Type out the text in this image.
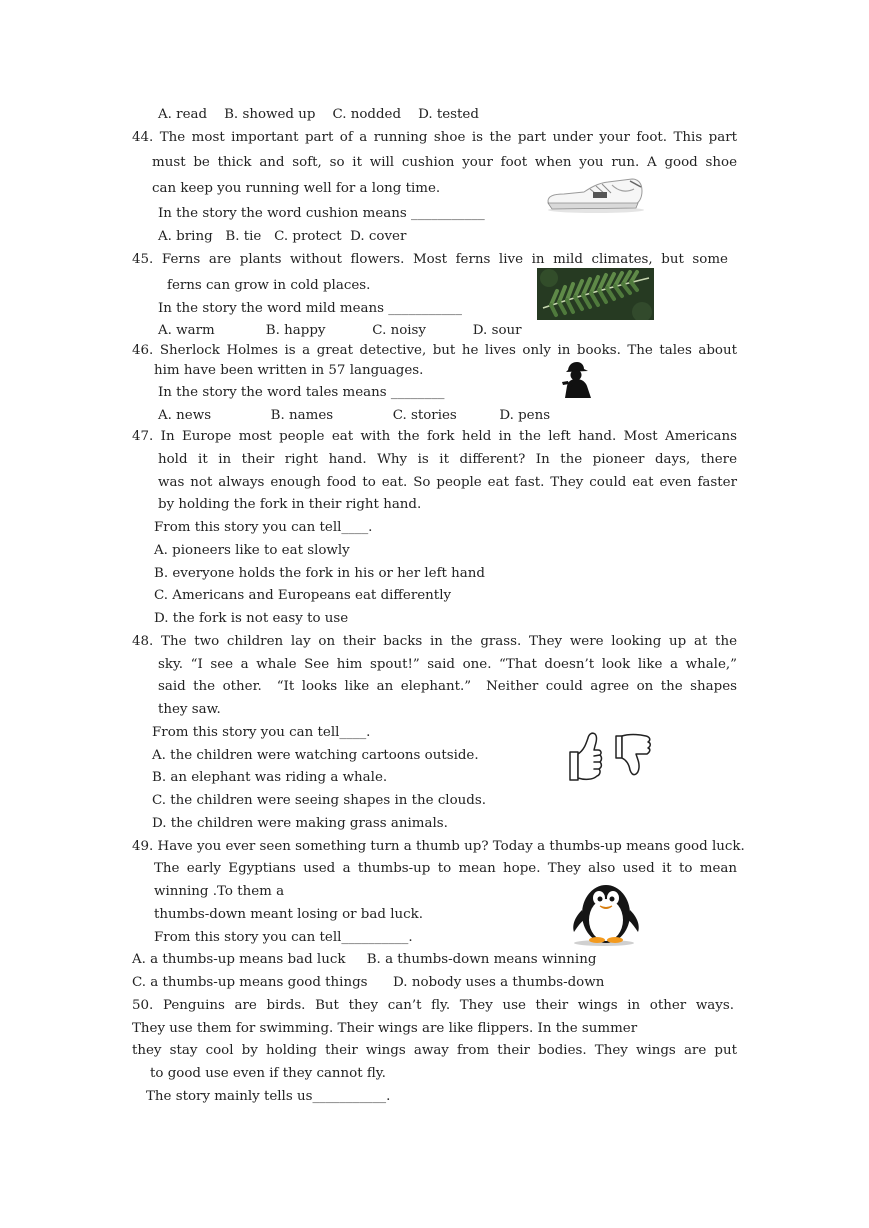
A. read    B. showed up    C. nodded    D. tested
44. The most important part of a running shoe is the part under your foot. This part
must be thick and soft, so it will cushion your foot when you run. A good shoe
can keep you running well for a long time.
In the story the word cushion means ___________
A. bring   B. tie   C. protect  D. cover
45. Ferns are plants without flowers. Most ferns live in mild climates, but some
ferns can grow in cold places.
In the story the word mild means ___________
A. warm            B. happy           C. noisy           D. sour
46. Sherlock Holmes is a great detective, but he lives only in books. The tales about
him have been written in 57 languages.
In the story the word tales means ________
A. news              B. names              C. stories          D. pens
47. In Europe most people eat with the fork held in the left hand. Most Americans
hold it in their right hand. Why is it different? In the pioneer days, there
was not always enough food to eat. So people eat fast. They could eat even faster
by holding the fork in their right hand.
From this story you can tell____.
A. pioneers like to eat slowly
B. everyone holds the fork in his or her left hand
C. Americans and Europeans eat differently
D. the fork is not easy to use
48. The two children lay on their backs in the grass. They were looking up at the
sky. “I see a whale See him spout!” said one. “That doesn’t look like a whale,”
said the other.  “It looks like an elephant.”  Neither could agree on the shapes
they saw.
From this story you can tell____.
A. the children were watching cartoons outside.
B. an elephant was riding a whale.
C. the children were seeing shapes in the clouds.
D. the children were making grass animals.
49. Have you ever seen something turn a thumb up? Today a thumbs-up means good luck.
The early Egyptians used a thumbs-up to mean hope. They also used it to mean
winning .To them a
thumbs-down meant losing or bad luck.
From this story you can tell__________.
A. a thumbs-up means bad luck     B. a thumbs-down means winning
C. a thumbs-up means good things      D. nobody uses a thumbs-down
50. Penguins are birds. But they can’t fly. They use their wings in other ways.
They use them for swimming. Their wings are like flippers. In the summer
they stay cool by holding their wings away from their bodies. They wings are put
to good use even if they cannot fly.
The story mainly tells us___________.
